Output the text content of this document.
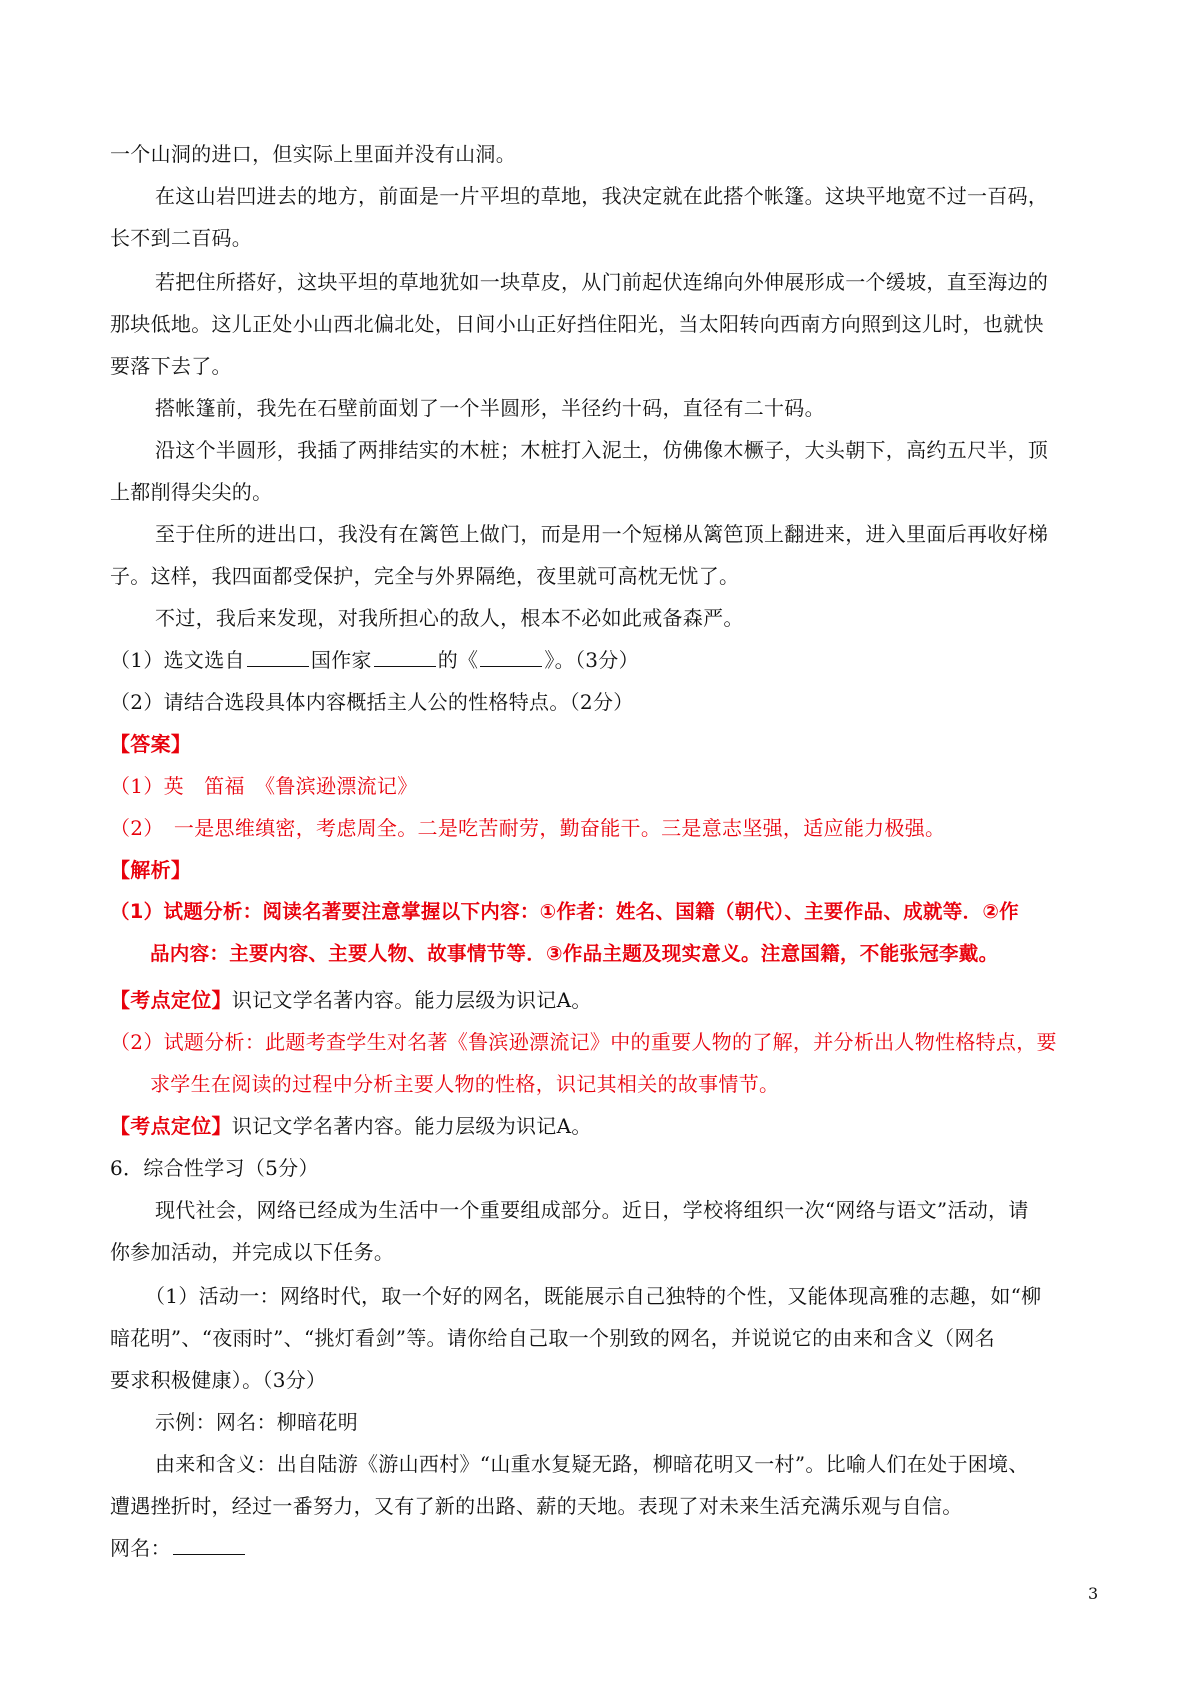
一个山洞的进口，但实际上里面并没有山洞。
在这山岩凹进去的地方，前面是一片平坦的草地，我决定就在此搭个帐篷。这块平地宽不过一百码，
长不到二百码。
若把住所搭好，这块平坦的草地犹如一块草皮，从门前起伏连绵向外伸展形成一个缓坡，直至海边的
那块低地。这儿正处小山西北偏北处，日间小山正好挡住阳光，当太阳转向西南方向照到这儿时，也就快
要落下去了。
搭帐篷前，我先在石壁前面划了一个半圆形，半径约十码，直径有二十码。
沿这个半圆形，我插了两排结实的木桩；木桩打入泥土，仿佛像木橛子，大头朝下，高约五尺半，顶
上都削得尖尖的。
至于住所的进出口，我没有在篱笆上做门，而是用一个短梯从篱笆顶上翻进来，进入里面后再收好梯
子。这样，我四面都受保护，完全与外界隔绝，夜里就可高枕无忧了。
不过，我后来发现，对我所担心的敌人，根本不必如此戒备森严。
（1）选文选自	国作家	的《	》。（3分）
（2）请结合选段具体内容概括主人公的性格特点。（2分）
【答案】
（1）英　笛福　《鲁滨逊漂流记》
（2）　一是思维缜密，考虑周全。二是吃苦耐劳，勤奋能干。三是意志坚强，适应能力极强。
【解析】
（1）试题分析：阅读名著要注意掌握以下内容：①作者：姓名、国籍（朝代）、主要作品、成就等．②作
品内容：主要内容、主要人物、故事情节等．③作品主题及现实意义。注意国籍，不能张冠李戴。
【考点定位】识记文学名著内容。能力层级为识记A。
（2）试题分析：此题考查学生对名著《鲁滨逊漂流记》中的重要人物的了解，并分析出人物性格特点，要
求学生在阅读的过程中分析主要人物的性格，识记其相关的故事情节。
【考点定位】识记文学名著内容。能力层级为识记A。
6．综合性学习（5分）
现代社会，网络已经成为生活中一个重要组成部分。近日，学校将组织一次“网络与语文”活动，请
你参加活动，并完成以下任务。
（1）活动一：网络时代，取一个好的网名，既能展示自己独特的个性，又能体现高雅的志趣，如“柳
暗花明”、“夜雨时”、“挑灯看剑”等。请你给自己取一个别致的网名，并说说它的由来和含义（网名
要求积极健康）。（3分）
示例：网名：柳暗花明
由来和含义：出自陆游《游山西村》“山重水复疑无路，柳暗花明又一村”。比喻人们在处于困境、
遭遇挫折时，经过一番努力，又有了新的出路、薪的天地。表现了对未来生活充满乐观与自信。
网名：
3
